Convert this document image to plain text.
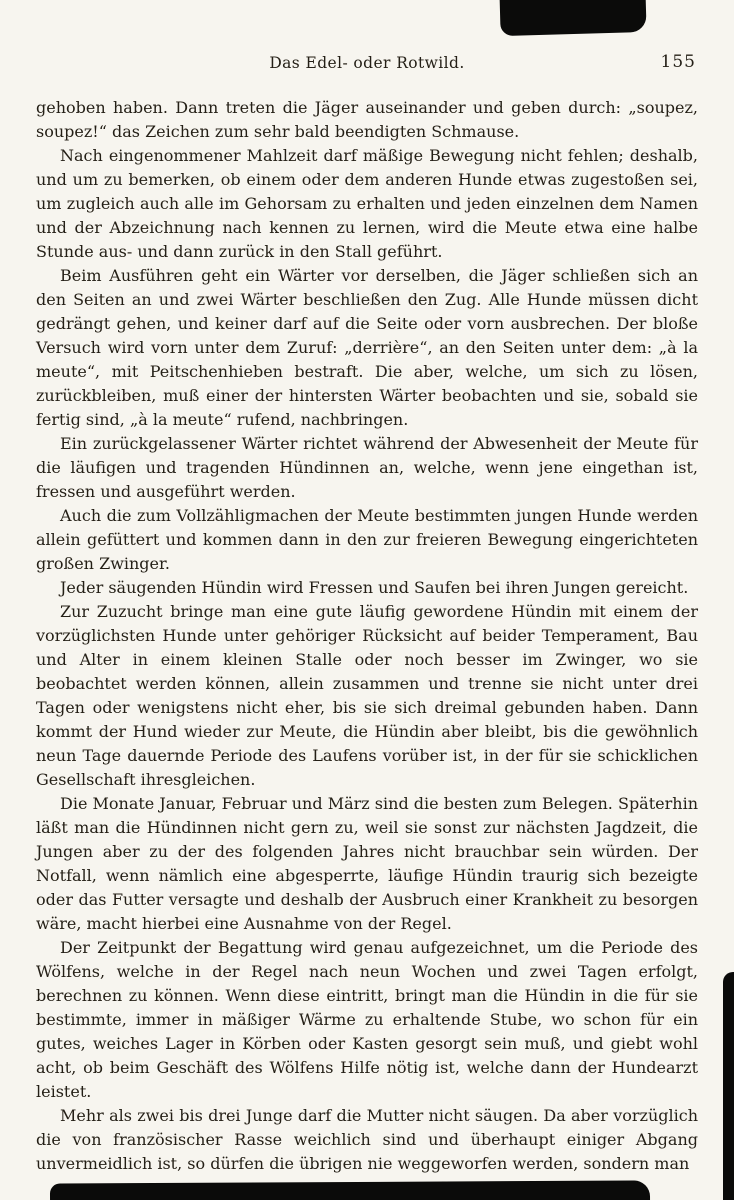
Das Edel- oder Rotwild.	155

gehoben haben. Dann treten die Jäger auseinander und geben durch: „soupez, soupez!“ das Zeichen zum sehr bald beendigten Schmause.

Nach eingenommener Mahlzeit darf mäßige Bewegung nicht fehlen; deshalb, und um zu bemerken, ob einem oder dem anderen Hunde etwas zugestoßen sei, um zugleich auch alle im Gehorsam zu erhalten und jeden einzelnen dem Namen und der Abzeichnung nach kennen zu lernen, wird die Meute etwa eine halbe Stunde aus- und dann zurück in den Stall geführt.

Beim Ausführen geht ein Wärter vor derselben, die Jäger schließen sich an den Seiten an und zwei Wärter beschließen den Zug. Alle Hunde müssen dicht gedrängt gehen, und keiner darf auf die Seite oder vorn ausbrechen. Der bloße Versuch wird vorn unter dem Zuruf: „derrière“, an den Seiten unter dem: „à la meute“, mit Peitschenhieben bestraft. Die aber, welche, um sich zu lösen, zurückbleiben, muß einer der hintersten Wärter beobachten und sie, sobald sie fertig sind, „à la meute“ rufend, nachbringen.

Ein zurückgelassener Wärter richtet während der Abwesenheit der Meute für die läufigen und tragenden Hündinnen an, welche, wenn jene eingethan ist, fressen und ausgeführt werden.

Auch die zum Vollzähligmachen der Meute bestimmten jungen Hunde werden allein gefüttert und kommen dann in den zur freieren Bewegung eingerichteten großen Zwinger.

Jeder säugenden Hündin wird Fressen und Saufen bei ihren Jungen gereicht.

Zur Zuzucht bringe man eine gute läufig gewordene Hündin mit einem der vorzüglichsten Hunde unter gehöriger Rücksicht auf beider Temperament, Bau und Alter in einem kleinen Stalle oder noch besser im Zwinger, wo sie beobachtet werden können, allein zusammen und trenne sie nicht unter drei Tagen oder wenigstens nicht eher, bis sie sich dreimal gebunden haben. Dann kommt der Hund wieder zur Meute, die Hündin aber bleibt, bis die gewöhnlich neun Tage dauernde Periode des Laufens vorüber ist, in der für sie schicklichen Gesellschaft ihresgleichen.

Die Monate Januar, Februar und März sind die besten zum Belegen. Späterhin läßt man die Hündinnen nicht gern zu, weil sie sonst zur nächsten Jagdzeit, die Jungen aber zu der des folgenden Jahres nicht brauchbar sein würden. Der Notfall, wenn nämlich eine abgesperrte, läufige Hündin traurig sich bezeigte oder das Futter versagte und deshalb der Ausbruch einer Krankheit zu besorgen wäre, macht hierbei eine Ausnahme von der Regel.

Der Zeitpunkt der Begattung wird genau aufgezeichnet, um die Periode des Wölfens, welche in der Regel nach neun Wochen und zwei Tagen erfolgt, berechnen zu können. Wenn diese eintritt, bringt man die Hündin in die für sie bestimmte, immer in mäßiger Wärme zu erhaltende Stube, wo schon für ein gutes, weiches Lager in Körben oder Kasten gesorgt sein muß, und giebt wohl acht, ob beim Geschäft des Wölfens Hilfe nötig ist, welche dann der Hundearzt leistet.

Mehr als zwei bis drei Junge darf die Mutter nicht säugen. Da aber vorzüglich die von französischer Rasse weichlich sind und überhaupt einiger Abgang unvermeidlich ist, so dürfen die übrigen nie weggeworfen werden, sondern man
